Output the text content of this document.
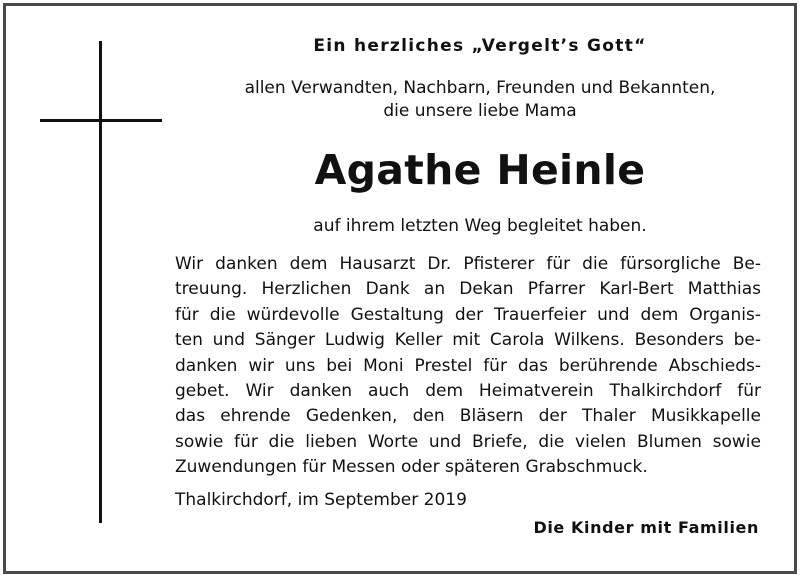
Ein herzliches „Vergelt’s Gott“
allen Verwandten, Nachbarn, Freunden und Bekannten,
die unsere liebe Mama
Agathe Heinle
auf ihrem letzten Weg begleitet haben.
Wir danken dem Hausarzt Dr. Pfisterer für die fürsorgliche Be-
treuung. Herzlichen Dank an Dekan Pfarrer Karl-Bert Matthias
für die würdevolle Gestaltung der Trauerfeier und dem Organis-
ten und Sänger Ludwig Keller mit Carola Wilkens. Besonders be-
danken wir uns bei Moni Prestel für das berührende Abschieds-
gebet. Wir danken auch dem Heimatverein Thalkirchdorf für
das ehrende Gedenken, den Bläsern der Thaler Musikkapelle
sowie für die lieben Worte und Briefe, die vielen Blumen sowie
Zuwendungen für Messen oder späteren Grabschmuck.
Thalkirchdorf, im September 2019
Die Kinder mit Familien
